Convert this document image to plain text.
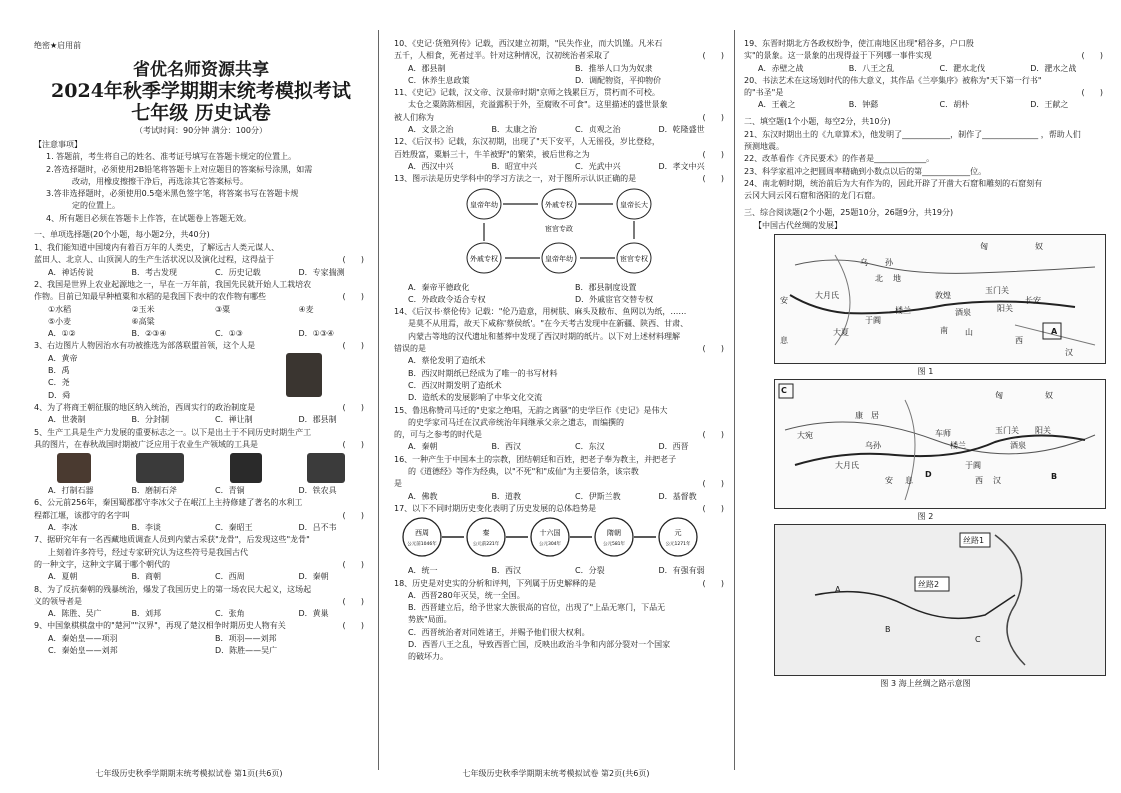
省优名师资源共享
2024年秋季学期期末统考模拟考试
七年级 历史试卷
（考试时间：90分钟 满分：100分）
【注意事项】
1. 答题前，考生将自己的姓名、准考证号填写在答题卡规定的位置上。
2.答选择题时，必须使用2B铅笔将答题卡上对应题目的答案标号涂黑，如需
改动，用橡皮擦擦干净后，再选涂其它答案标号。
3.答非选择题时，必须使用0.5毫米黑色签字笔，将答案书写在答题卡规
定的位置上。
4、所有题目必须在答题卡上作答，在试题卷上答题无效。
一、单项选择题(20个小题，每小题2分，共40分)
1、我们能知道中国境内有着百万年的人类史，了解远古人类元谋人、
蓝田人、北京人、山顶洞人的生产生活状况以及演化过程，这得益于	(      )
A．神话传说	B．考古发现	C．历史记载	D．专家揣测
2、我国是世界上农业起源地之一，早在一万年前，我国先民就开始人工栽培农
作物。目前已知最早种植粟和水稻的是我国下表中的农作物有哪些	(      )
①水稻	②玉米	③粟	④麦
⑤小麦	⑥高粱
A．①②	B．②③④	C．①③	D．①③④
3、右边图片人物因治水有功被推选为部落联盟首领，这个人是	(      )
A．黄帝
B．禹
C．尧
D．舜
4、为了将商王朝征服的地区纳入统治，西周实行的政治制度是	(      )
A．世袭制	B．分封制	C．禅让制	D．郡县制
5、生产工具是生产力发展的重要标志之一。以下是出土于不同历史时期生产工
具的图片，在春秋战国时期被广泛应用于农业生产领域的工具是	(      )
A．打制石器	B．磨制石斧	C．青铜	D．铁农具
6、公元前256年，秦国蜀郡郡守李冰父子在岷江上主持修建了著名的水利工
程都江堰，该郡守的名字叫	(      )
A．李冰	B．李谈	C．秦昭王	D．吕不韦
7、据研究年有一名西藏地质调查人员到内蒙古采获"龙骨"，后发现这些"龙骨"
上刻着许多符号，经过专家研究认为这些符号是我国古代
的一种文字，这种文字属于哪个朝代的	(      )
A．夏朝	B．商朝	C．西周	D．秦朝
8、为了反抗秦朝的残暴统治，爆发了我国历史上的第一场农民大起义，这场起
义的领导者是	(      )
A．陈胜、吴广	B．刘邦	C．张角	D．黄巢
9、中国象棋棋盘中的"楚河""汉界"，再现了楚汉相争时期历史人物有关	(      )
A．秦始皇——项羽	B．项羽——刘邦
C．秦始皇——刘邦	D．陈胜——吴广
七年级历史秋季学期期末统考模拟试卷 第1页(共6页)
绝密★启用前	10、《史记·货殖列传》记载，西汉建立初期，"民失作业，而大饥馑。凡米石
五千，人相食，死者过半。针对这种情况，汉初统治者采取了	(      )
A．郡县制	B．推举人口为为奴隶
C．休养生息政策	D．调配物资，平抑物价
11、《史记》记载，汉文帝、汉景帝时期"京师之钱累巨万，贯朽而不可校。
太仓之粟陈陈相因，充溢露积于外，至腐败不可食"。这里描述的盛世景象
被人们称为	(      )
A．文景之治	B．太康之治	C．贞观之治	D．乾隆盛世
12、《后汉书》记载，东汉初期，出现了"天下安平，人无徭役，岁比登稔，
百姓殷富，粟斛三十，牛羊被野"的繁荣，被后世称之为	(      )
A．西汉中兴	B．昭宣中兴	C．光武中兴	D．孝文中兴
13、图示法是历史学科中的学习方法之一，对于图所示认识正确的是	(      )
皇帝年幼	外戚专权	皇帝长大
宦官专权
皇帝年幼
外戚专权
宦官专政
A．秦帝平德政化	B．郡县制度设置
C．外政政令适合专权	D．外戚宦官交替专权
14、《后汉书·蔡伦传》记载："伦乃造意，用树肤、麻头及敝布、鱼网以为纸，……
是莫不从用焉，故天下咸称'蔡侯纸'。"在今天考古发现中在新疆、陕西、甘肃、
内蒙古等地的汉代遗址和墓葬中发现了西汉时期的纸片。以下对上述材料理解
错误的是	(      )
A．蔡伦发明了造纸术
B．西汉时期纸已经成为了唯一的书写材料
C．西汉时期发明了造纸术
D．造纸术的发展影响了中华文化交流
15、鲁迅称赞司马迁的"史家之绝唱，无韵之离骚"的史学巨作《史记》是伟大
的史学家司马迁在汉武帝统治年间继承父亲之遗志，而编撰的
的，可与之参考的时代是	(      )
A．秦朝	B．西汉	C．东汉	D．西晋
16、一种产生于中国本土的宗教，团结朝廷和百姓，把老子奉为教主，并把老子
的《道德经》等作为经典，以"不死"和"成仙"为主要信条，该宗教
是	(      )
A．佛教	B．道教	C．伊斯兰教	D．基督教
17、以下不同时期历史变化表明了历史发展的总体趋势是	(      )
西周
公元前1046年
秦
公元前221年
十六国
公元304年
隋朝
公元581年
元
公元1271年
A．统一	B．西汉	C．分裂	D．有强有弱
18、历史是对史实的分析和评判，下列属于历史解释的是	(      )
A．西晋280年灭吴，统一全国。
B．西晋建立后，给予世家大族很高的官位，出现了"上品无寒门，下品无
势族"局面。
C．西晋统治者对同姓诸王，并赐予他们很大权利。
D．西晋八王之乱，导致西晋亡国，反映出政治斗争和内部分裂对一个国家
的破坏力。
七年级历史秋季学期期末统考模拟试卷 第2页(共6页)
19、东晋时期北方各政权纷争，使江南地区出现"稻谷多，户口殷
实"的景象。这一景象的出现得益于下列哪一事件实现	(      )
A．赤壁之战	B．八王之乱	C．淝水北伐	D．淝水之战
20、书法艺术在这场划时代的伟大意义，其作品《兰亭集序》被称为"天下第一行书"
的"书圣"是	(      )
A．王羲之	B．钟繇	C．胡朴	D．王献之
二、填空题(1个小题，每空2分，共10分)
21、东汉时期出土的《九章算术》，他发明了____________，制作了______________ ，帮助人们
预测地震。
22、改革看作《齐民要术》的作者是_____________。
23、科学家祖冲之把圆周率精确到小数点以后的第____________位。
24、南北朝时期，统治前后为大有作为的，因此开辟了开凿大石窟和雕刻的石窟刻有
云冈大同云冈石窟和洛阳的龙门石窟。
三、综合阅读题(2个小题，25题10分，26题9分，共19分)
【中国古代丝绸的发展】
匈	奴
乌 孙
北 地
大月氏	敦煌
酒泉
玉门关
阳关
长安
楼兰
南 山
于阗
大夏
安
息	西
汉
A
图 1
匈	奴
康 居
大宛
乌孙	楼兰
车师
安 息	西 汉
玉门关 阳关
酒泉
于阗
大月氏
B
C
D
图 2
丝路1
丝路2
A
B
C
图 3 海上丝绸之路示意图
